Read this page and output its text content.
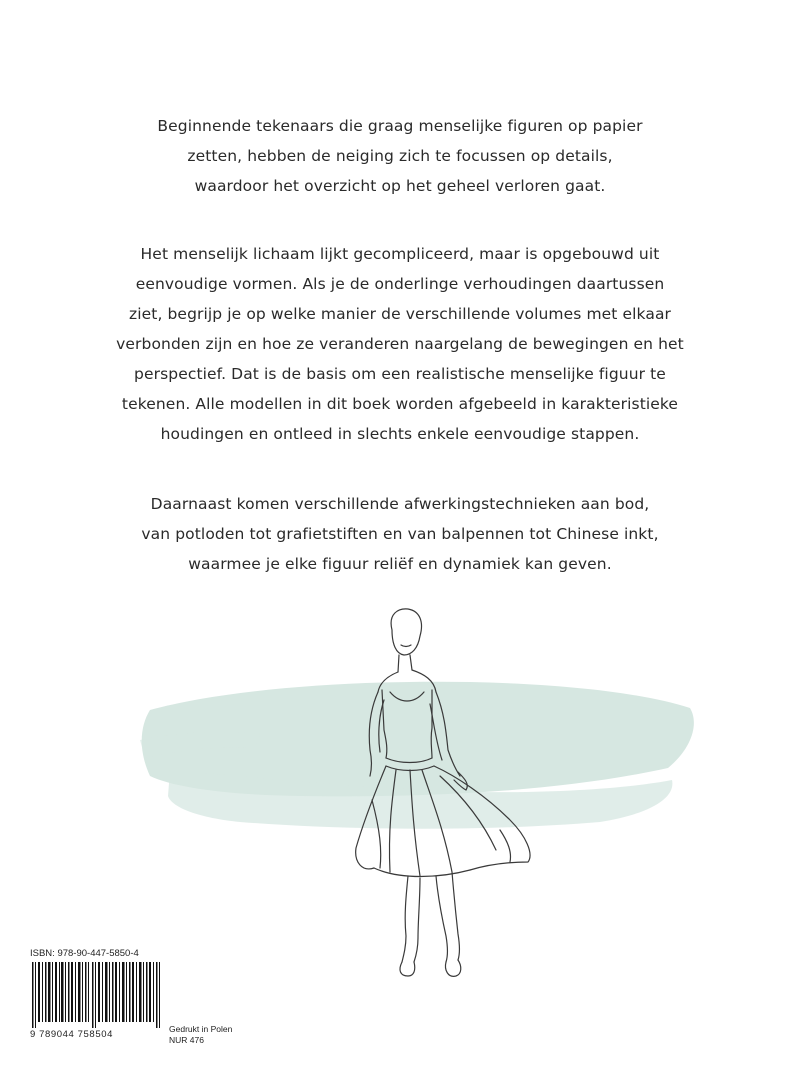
Beginnende tekenaars die graag menselijke figuren op papier

zetten, hebben de neiging zich te focussen op details,

waardoor het overzicht op het geheel verloren gaat.

Het menselijk lichaam lijkt gecompliceerd, maar is opgebouwd uit

eenvoudige vormen. Als je de onderlinge verhoudingen daartussen

ziet, begrijp je op welke manier de verschillende volumes met elkaar

verbonden zijn en hoe ze veranderen naargelang de bewegingen en het

perspectief. Dat is de basis om een realistische menselijke figuur te

tekenen. Alle modellen in dit boek worden afgebeeld in karakteristieke

houdingen en ontleed in slechts enkele eenvoudige stappen.

Daarnaast komen verschillende afwerkingstechnieken aan bod,

van potloden tot grafietstiften en van balpennen tot Chinese inkt,

waarmee je elke figuur reliëf en dynamiek kan geven.

ISBN: 978-90-447-5850-4
9 789044 758504	Gedrukt in Polen
NUR 476
